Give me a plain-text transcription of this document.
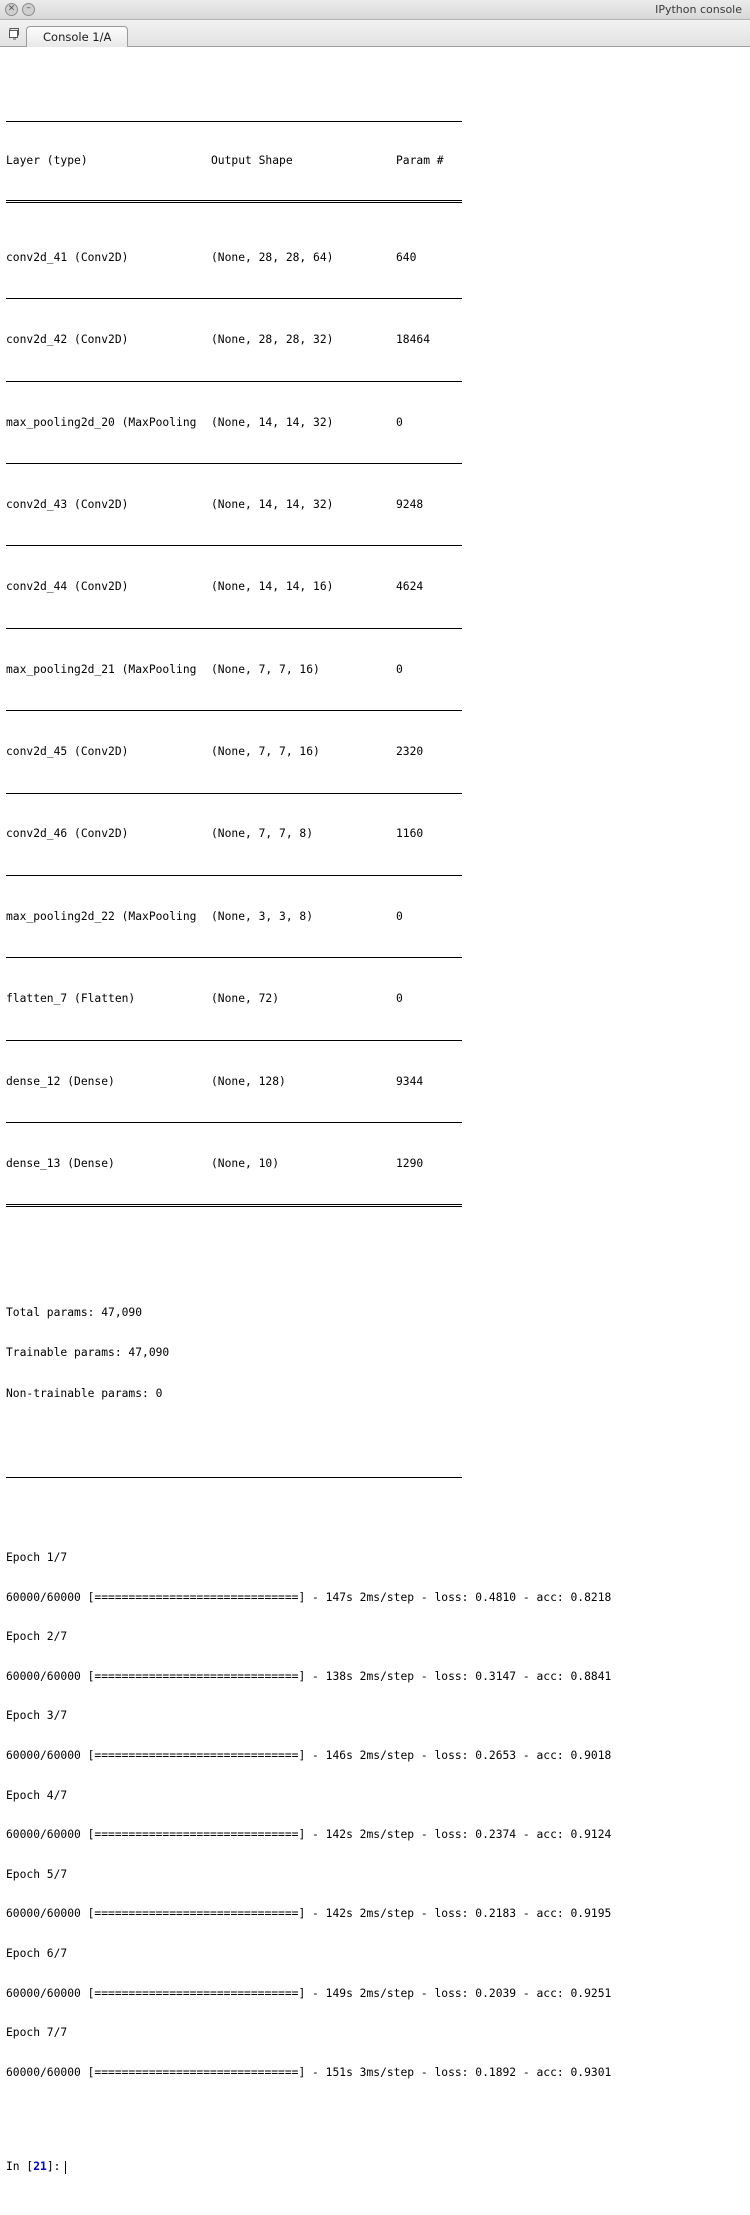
×
–
IPython console
Console 1/A

Layer (type)	Output Shape	Param #

conv2d_41 (Conv2D)	(None, 28, 28, 64)	640

conv2d_42 (Conv2D)	(None, 28, 28, 32)	18464

max_pooling2d_20 (MaxPooling	(None, 14, 14, 32)	0

conv2d_43 (Conv2D)	(None, 14, 14, 32)	9248

conv2d_44 (Conv2D)	(None, 14, 14, 16)	4624

max_pooling2d_21 (MaxPooling	(None, 7, 7, 16)	0

conv2d_45 (Conv2D)	(None, 7, 7, 16)	2320

conv2d_46 (Conv2D)	(None, 7, 7, 8)	1160

max_pooling2d_22 (MaxPooling	(None, 3, 3, 8)	0

flatten_7 (Flatten)	(None, 72)	0

dense_12 (Dense)	(None, 128)	9344

dense_13 (Dense)	(None, 10)	1290

Total params: 47,090

Trainable params: 47,090

Non-trainable params: 0

Epoch 1/7

60000/60000 [==============================] - 147s 2ms/step - loss: 0.4810 - acc: 0.8218

Epoch 2/7

60000/60000 [==============================] - 138s 2ms/step - loss: 0.3147 - acc: 0.8841

Epoch 3/7

60000/60000 [==============================] - 146s 2ms/step - loss: 0.2653 - acc: 0.9018

Epoch 4/7

60000/60000 [==============================] - 142s 2ms/step - loss: 0.2374 - acc: 0.9124

Epoch 5/7

60000/60000 [==============================] - 142s 2ms/step - loss: 0.2183 - acc: 0.9195

Epoch 6/7

60000/60000 [==============================] - 149s 2ms/step - loss: 0.2039 - acc: 0.9251

Epoch 7/7

60000/60000 [==============================] - 151s 3ms/step - loss: 0.1892 - acc: 0.9301

In [ 21 ]:
